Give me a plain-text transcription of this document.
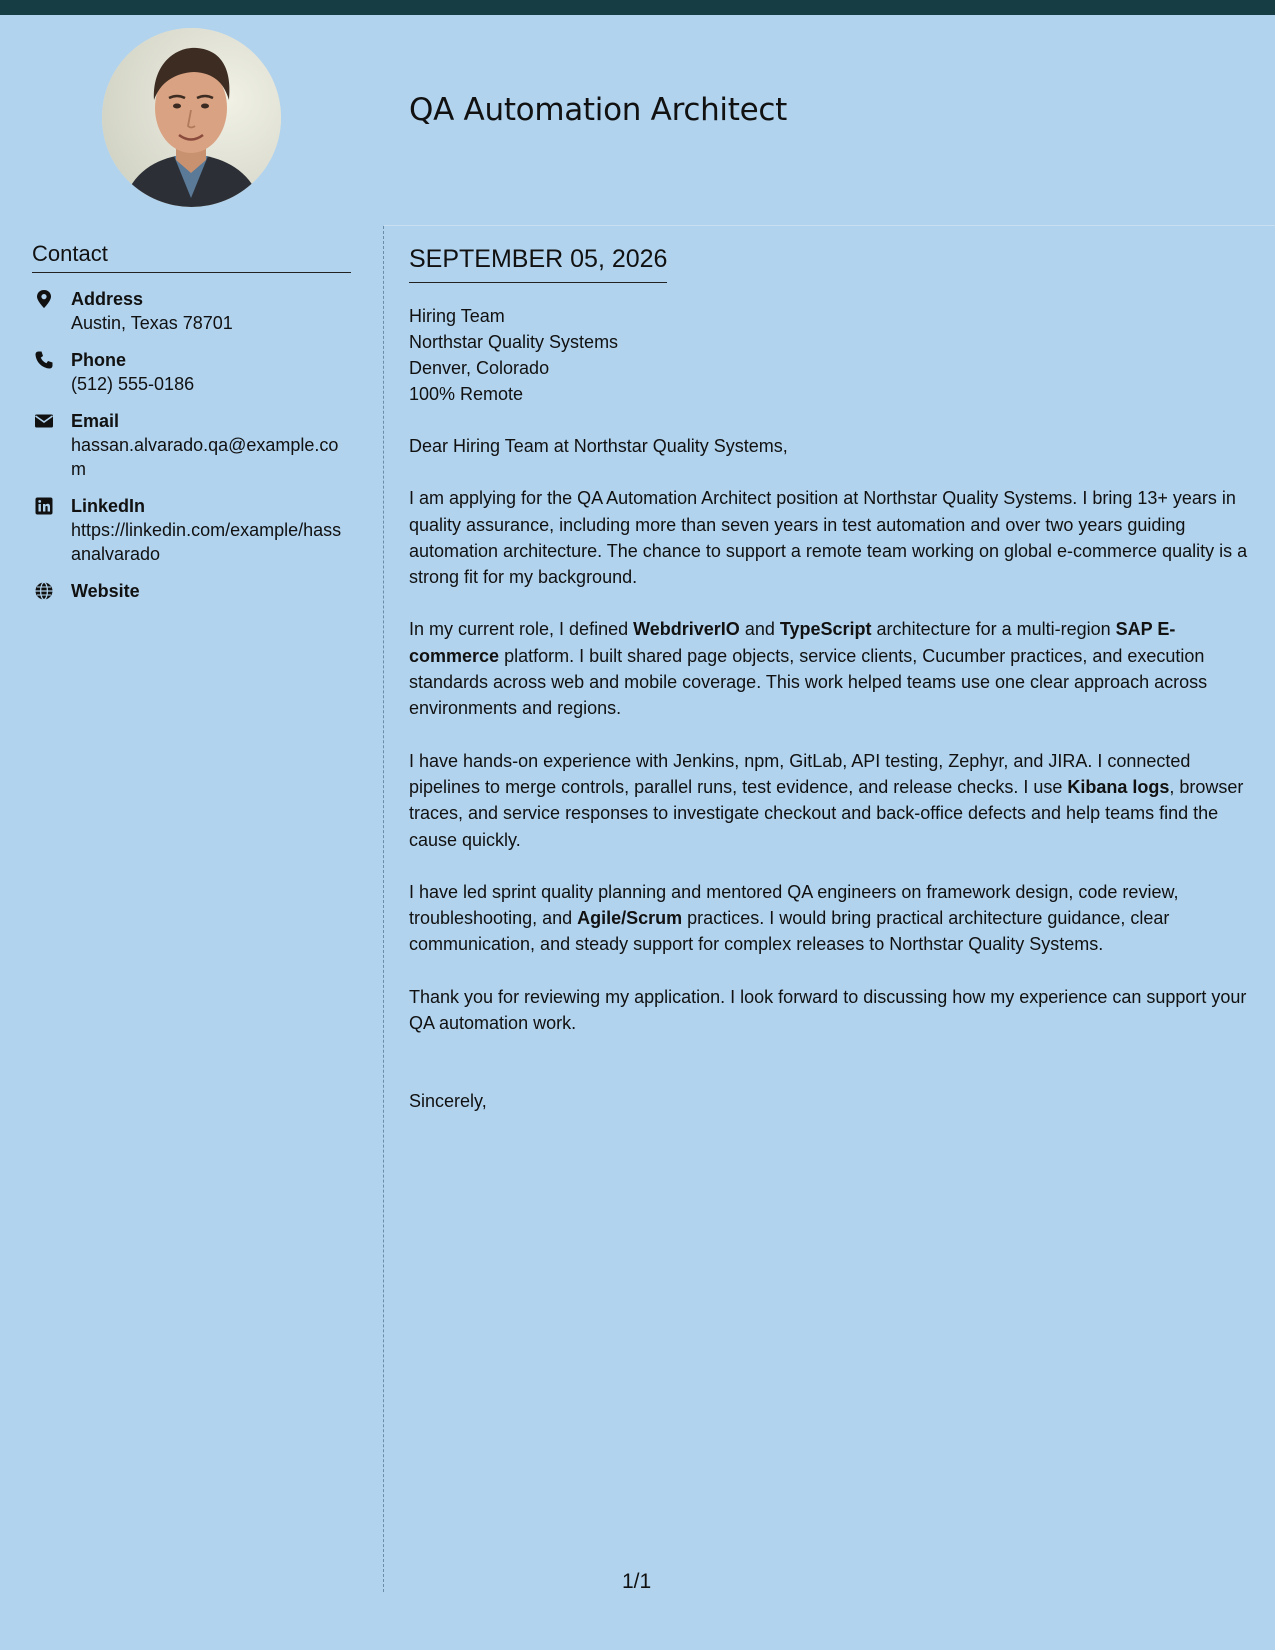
QA Automation Architect
Contact
Address
Austin, Texas 78701
Phone
(512) 555-0186
Email
hassan.alvarado.qa@example.com
LinkedIn
https://linkedin.com/example/hassanalvarado
Website
SEPTEMBER 05, 2026
Hiring Team
Northstar Quality Systems
Denver, Colorado
100% Remote
Dear Hiring Team at Northstar Quality Systems,

I am applying for the QA Automation Architect position at Northstar Quality Systems. I bring 13+ years in quality assurance, including more than seven years in test automation and over two years guiding automation architecture. The chance to support a remote team working on global e-commerce quality is a strong fit for my background.

In my current role, I defined WebdriverIO and TypeScript architecture for a multi-region SAP E-commerce platform. I built shared page objects, service clients, Cucumber practices, and execution standards across web and mobile coverage. This work helped teams use one clear approach across environments and regions.

I have hands-on experience with Jenkins, npm, GitLab, API testing, Zephyr, and JIRA. I connected pipelines to merge controls, parallel runs, test evidence, and release checks. I use Kibana logs, browser traces, and service responses to investigate checkout and back-office defects and help teams find the cause quickly.

I have led sprint quality planning and mentored QA engineers on framework design, code review, troubleshooting, and Agile/Scrum practices. I would bring practical architecture guidance, clear communication, and steady support for complex releases to Northstar Quality Systems.

Thank you for reviewing my application. I look forward to discussing how my experience can support your QA automation work.

Sincerely,
1/1
